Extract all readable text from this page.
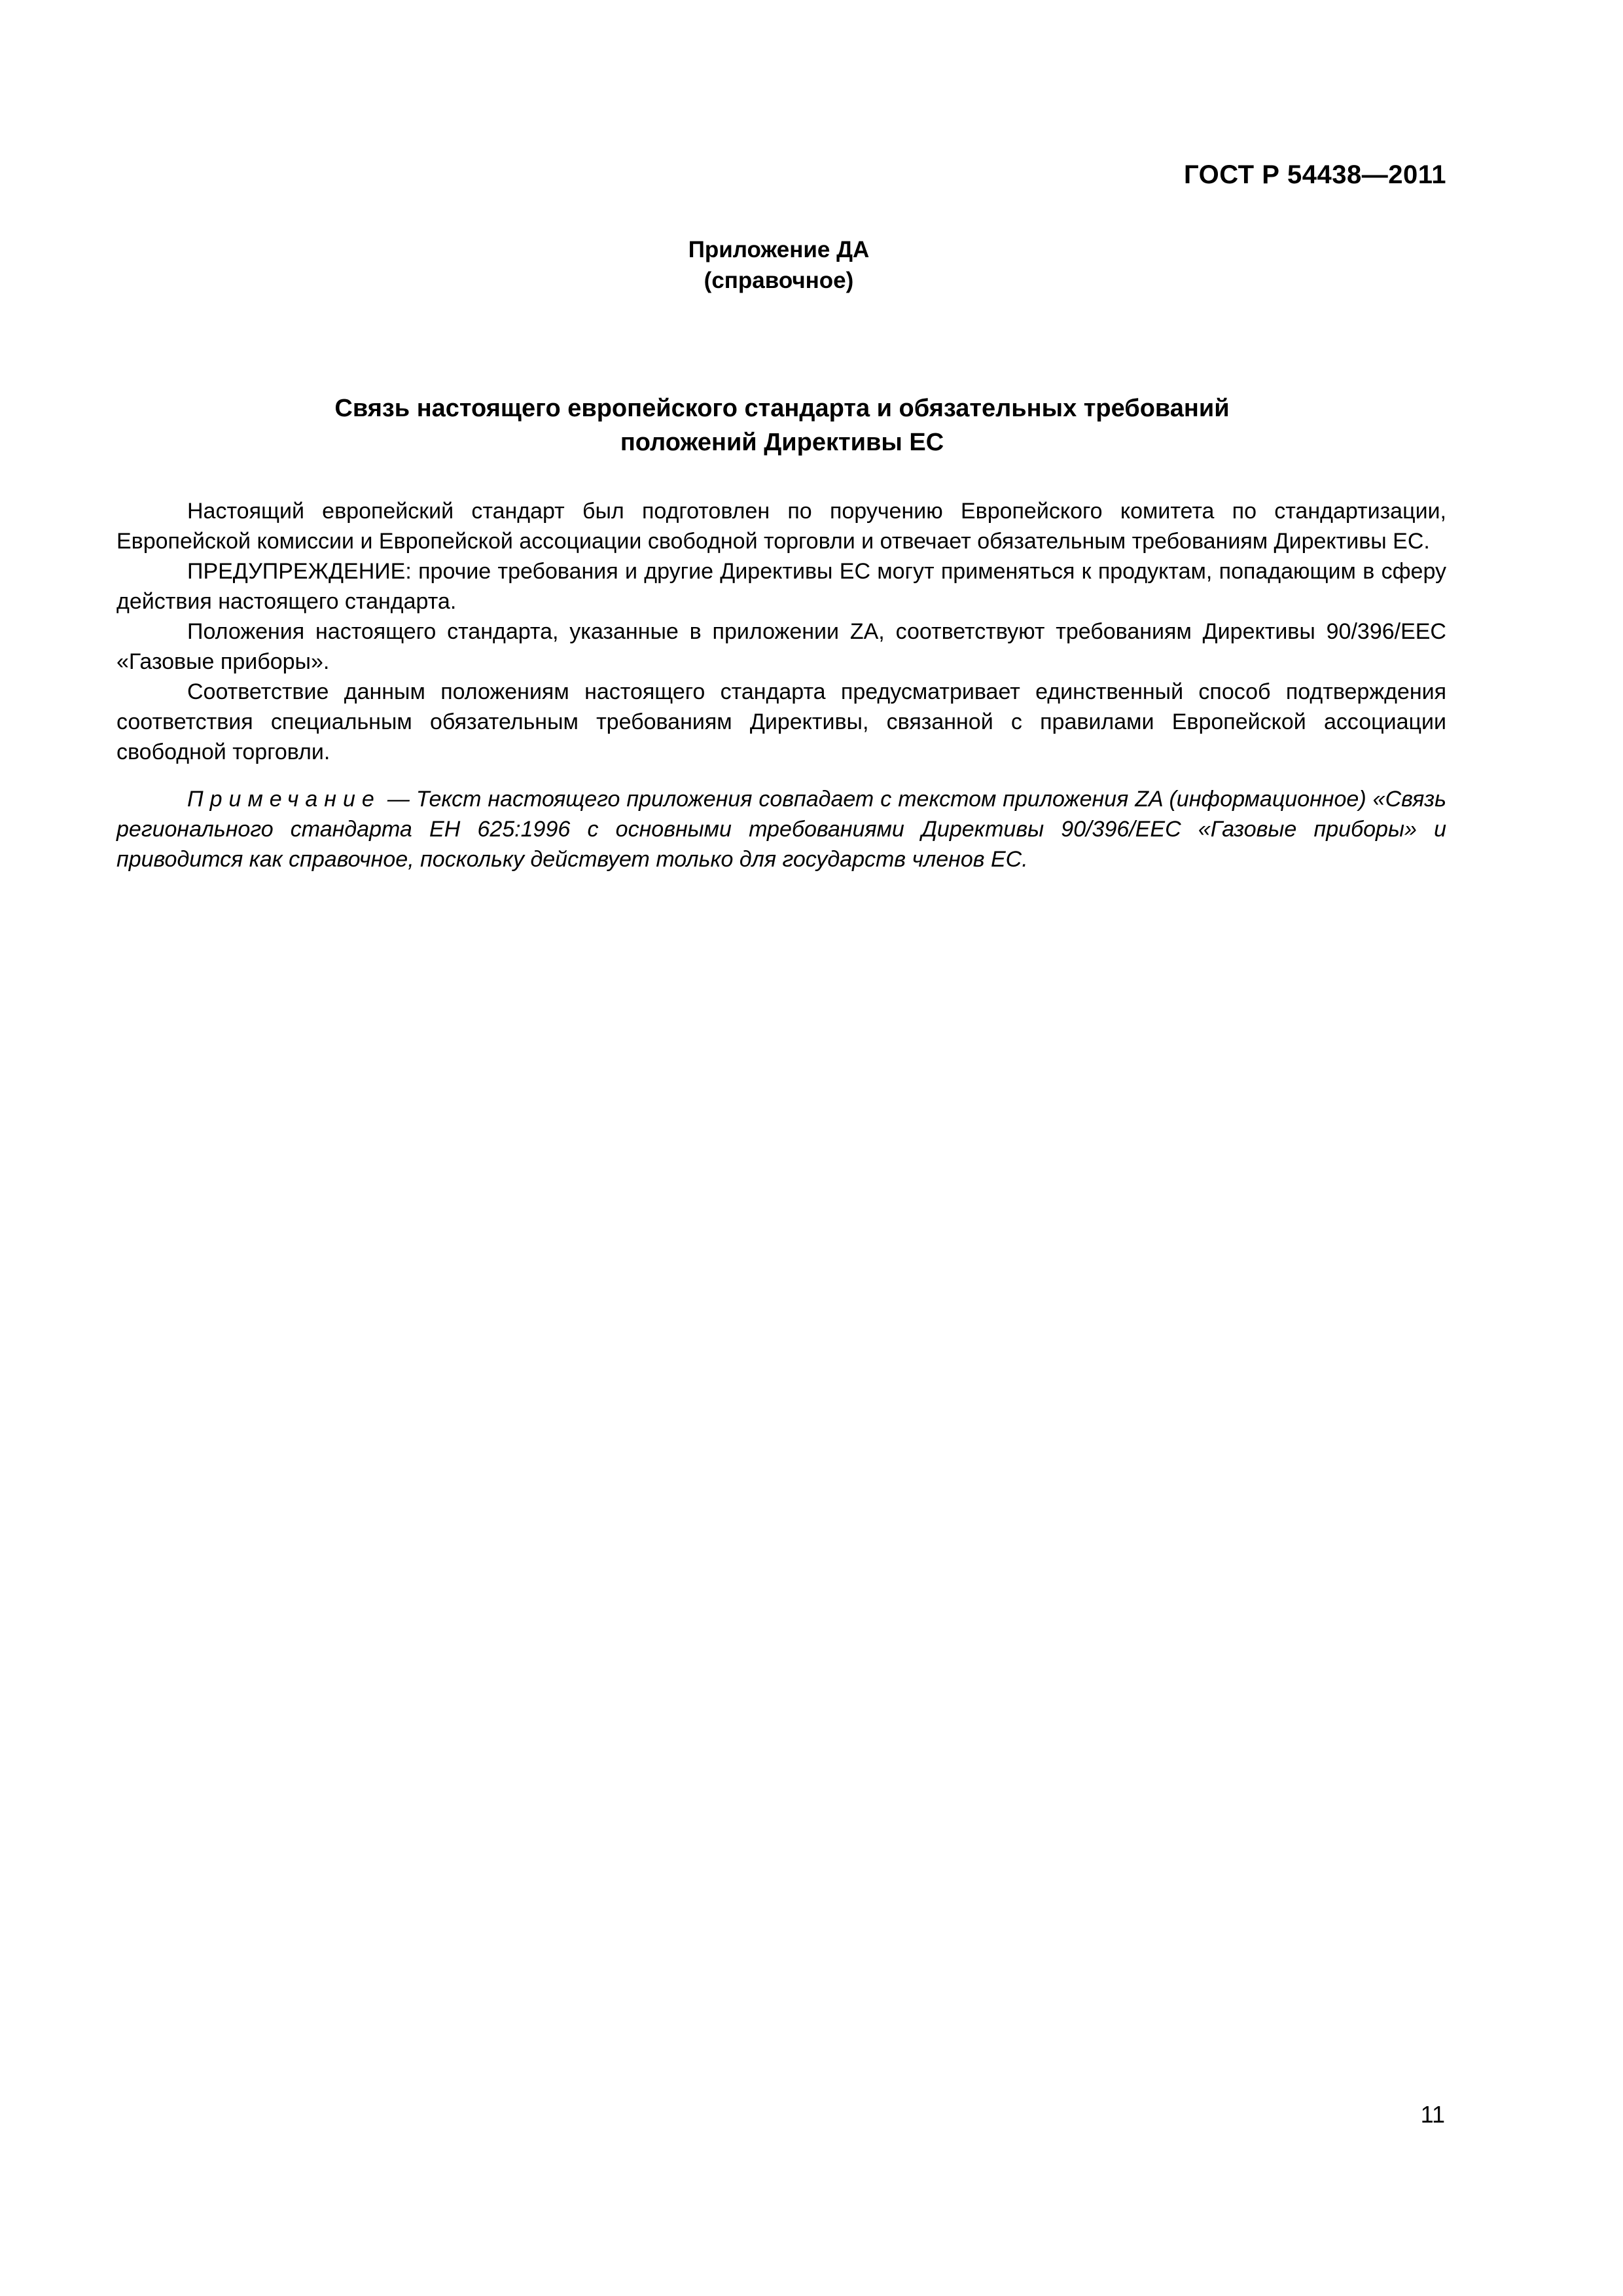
ГОСТ Р 54438—2011
Приложение ДА
(справочное)
Связь настоящего европейского стандарта и обязательных требований
положений Директивы ЕС

Настоящий европейский стандарт был подготовлен по поручению Европейского комитета по стандартизации, Европейской комиссии и Европейской ассоциации свободной торговли и отвечает обязательным требованиям Директивы ЕС.

ПРЕДУПРЕЖДЕНИЕ: прочие требования и другие Директивы ЕС могут применяться к продуктам, попадающим в сферу действия настоящего стандарта.

Положения настоящего стандарта, указанные в приложении ZA, соответствуют требованиям Директивы 90/396/EEC «Газовые приборы».

Соответствие данным положениям настоящего стандарта предусматривает единственный способ подтверждения соответствия специальным обязательным требованиям Директивы, связанной с правилами Европейской ассоциации свободной торговли.

Примечание — Текст настоящего приложения совпадает с текстом приложения ZA (информационное) «Связь регионального стандарта ЕН 625:1996 с основными требованиями Директивы 90/396/EEC «Газовые приборы» и приводится как справочное, поскольку действует только для государств членов ЕС.

11
